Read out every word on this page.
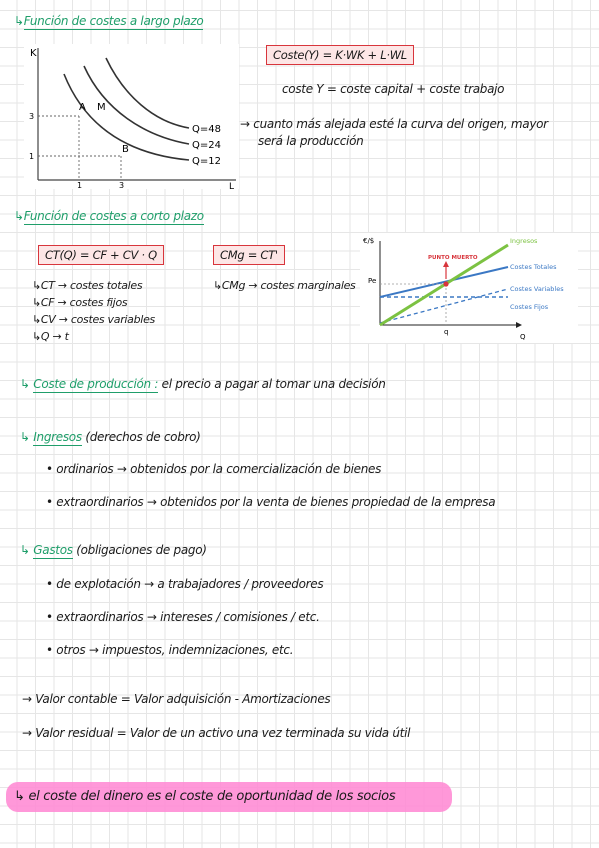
↳Función de costes a largo plazo
K
L
3
1
1	3
A M
B
Q=48
Q=24
Q=12
Coste(Y) = K·WK + L·WL
coste Y = coste capital + coste trabajo
→ cuanto más alejada esté la curva del origen, mayor
será la producción
↳Función de costes a corto plazo
CT(Q) = CF + CV · Q	CMg = CT'
↳CT → costes totales
↳CF → costes fijos
↳CV → costes variables
↳Q → t
↳CMg → costes marginales
€/$
Q
Pe
q
PUNTO MUERTO
Ingresos
Costes Totales
Costes Variables
Costes Fijos
↳ Coste de producción : el precio a pagar al tomar una decisión
↳ Ingresos (derechos de cobro)
• ordinarios → obtenidos por la comercialización de bienes
• extraordinarios → obtenidos por la venta de bienes propiedad de la empresa
↳ Gastos (obligaciones de pago)
• de explotación → a trabajadores / proveedores
• extraordinarios → intereses / comisiones / etc.
• otros → impuestos, indemnizaciones, etc.
→ Valor contable = Valor adquisición - Amortizaciones
→ Valor residual = Valor de un activo una vez terminada su vida útil
↳ el coste del dinero es el coste de oportunidad de los socios
